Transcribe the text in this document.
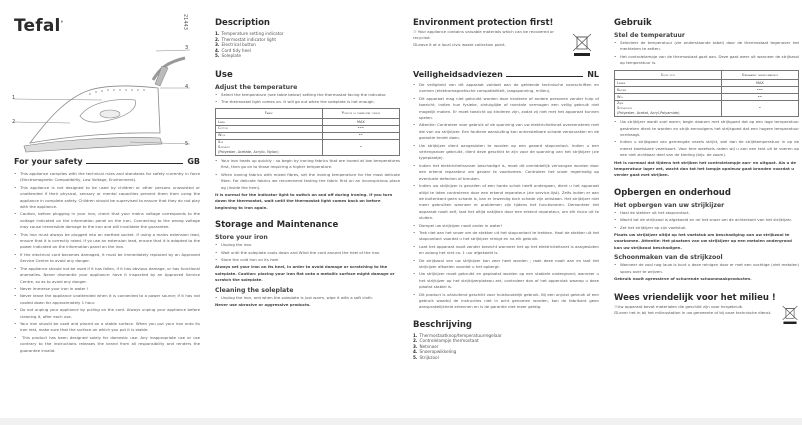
Tefal°	21443
1
2
3
4
5
For your safety	GB
• This appliance complies with the technical rules and standards for safety currently in force (Electromagnetic Compatibility, Low Voltage, Environment).
• This appliance is not designed to be used by children or other persons unassisted or unattended if their physical, sensory or mental capacities prevent them from using the appliance in complete safety. Children should be supervised to ensure that they do not play with the appliance.
• Caution, before plugging in your iron, check that your mains voltage corresponds to the voltage indicated on the information panel on the iron. Connecting to the wrong voltage may cause irreversible damage to the iron and will invalidate the guarantee.
• This iron must always be plugged into an earthed socket. If using a mains extension lead, ensure that it is correctly rated. If yo use an extension lead, ensure that it is adapted to the power indicated on the information panel on the iron.
• If the electrical cord becomes damaged, it must be immediately replaced by an Approved Service Centre to avoid any danger.
• The appliance should not be used if it has fallen, if it has obvious damage, or has functional anomalies. Never dismantle your appliance: have it inspected by an Approved Service Centre, so as to avoid any danger.
• Never immerse your iron in water !
• Never leave the appliance unattended when it is connected to a power source; if it has not cooled down for approximately 1 hour.
• Do not unplug your appliance by pulling on the cord. Always unplug your appliance before cleaning it, after each use.
• Your iron should be used and placed on a stable surface. When you put your iron onto its iron rest, make sure that the surface on which you put it is stable.
• This product has been designed solely for domestic use. Any inappropriate use or use contrary to the instructions releases the brand from all responsibility and renders the guarantee invalid.
Description
1. Temperature setting indicator
2. Thermostat indicator light
3. Electrical button
4. Cord tidy heel
5. Soleplate
Use
Adjust the temperature
• Select the temperature (see table below) setting the thermostat facing the indicator.
• The thermostat light comes on. It will go out when the soleplate is hot enough.
Fabric	Position of thermostat cursor
Linen	MAX
Cotton	•••
Wool	••

Silk
Synthetic
(Polyester, Acetate, Acrylic, Nylon)	•
• Your iron heats up quickly : so begin by ironing fabrics that are ironed at low temperatures first, then go on to those requiring a higher temperature.
• When ironing fabrics with mixed fibres, set the ironing temperature for the most delicate fibre. For delicate fabrics we recommend testing the fabric first on an inconspicious place eg (inside the hem).
It is normal for the indicator light to switch on and off during ironing. If you turn down the thermostat, wait until the thermostat light comes back on before beginning to iron again.
Storage and Maintenance
Store your iron
• Unplug the iron.
• Wait until the soleplate cools down and Wind the cord around the heel of the iron.
• Store the cold iron on its heel
Always set your iron on its heel, in order to avoid damage or scratching to the soleplate. Caution: placing your iron flat onto a metallic surface might damage or scratch the soleplate.
Cleaning the soleplate
• Unplug the iron, and when the soleplate is just warm, wipe it with a soft cloth.
Never use abrasive or aggressive products.
Environment protection first!
♲ Your appliance contains valuable materials which can be recovered or recycled.
⊡Leave it at a local civic waste collection point.
Veiligheidsadviezen	NL
• De veiligheid van dit apparaat voldoet aan de geldende technische voorschriften en normen (elektromagnetische compatibiliteit, laagspanning, milieu).
• Dit apparaat mag niet gebruikt worden door kinderen of andere personen zonder hulp of toezicht, indien hun fysieke, zintuiglijke of mentale vermogen een veilig gebruik niet mogelijk maken. Er moet toezicht op kinderen zijn, zodat zij niet met het apparaat kunnen spelen.
• Attentie: Controleer voor gebruik of de spanning van uw elektriciteitsnet overeenstemt met die van uw strijkijzer. Een foutieve aansluiting kan onherstelbare schade veroorzaken en de garantie teniet doen.
• Uw strijkijzer dient aangesloten te worden op een geaard stopcontact. Indien u een verlengsnoer gebruikt, dient deze geschikt te zijn voor de spanning van het strijkijzer (zie typeplaatje).
• Indien het elektriciteitssnoer beschadigd is, moet dit onmiddellijk vervangen worden door een erkend reparateur om gevaar te voorkomen. Controleer het snoer regelmatig op eventuele defecten of breuken.
• Indien uw strijkijzer is gevallen of een harde schok heeft ondergaan, dient u het apparaat altijd te laten controleren door een erkend reparateur (zie service-lijst). Zelfs indien er aan de buitenkant geen schade is, kan er inwendig toch schade zijn ontstaan. Het strijkijzer niet meer gebruiken wanneer er problemen zijn tijdens het functioneren. Demonteer het apparaat nooit zelf, laat het altijd nakijken door een erkend reparateur, om elk risico uit te sluiten.
• Dompel uw strijkijzer nooit onder in water!
• Trek niet aan het snoer om de stekker uit het stopcontact te trekken. Haal de stekker uit het stopcontact voordat u het strijkijzer reinigt en na elk gebruik.
• Laat het apparaat nooit zonder toezicht wanneer het op het elektriciteitsnet is aangesloten en zolang het niet ca. 1 uur afgekoeld is.
• De strijkzool van uw strijkijzer kan zeer heet worden ; raak deze nooit aan en laat het strijkijzer afkoelen voordat u het opbergt.
• Uw strijkijzer moet gebruikt en geplaatst worden op een stabiele ondergrond; wanneer u het strijkijzer op het strijkijzerplateau zet, controleer dan of het oppervlak waarop u deze plaatst stabiel is.
• Dit product is uitsluitend geschikt voor huishoudelijk gebruik. Bij een onjuist gebruik of een gebruik waarbij de instructies niet in acht genomen worden, kan de fabrikant geen aansprakelijkheid erkennen en is de garantie niet meer geldig.
Beschrijving
1. Thermostaatknop/temperatuurregelaar
2. Controlelampje thermostaat
3. Netsnoer
4. Snoeropwikkeling
5. Strijkzool
Gebruik
Stel de temperatuur
• Selecteer de temperatuur (zie onderstaande tabel) door de thermostaat tegenover het merkteken te zetten.
• Het controlelampje van de thermostaat gaat aan. Deze gaat weer uit wanneer de strijkzool op temperatuur is.
Soort stof	Standaarde thermostaatknop
Linnen	MAX
Katoen	•••
Wol	••

Zijde
Synthetisch
(Polyester, Acetat, Acryl,Polyamide)	•
• Uw strijkijzer wordt snel warm; begin daarom met strijkgoed dat op een lage temperatuur gestreken dient te worden en strijk eenvolgens het strijkgoed dat een hogere temperatuur verdraagt.
• Indien u strijkgoed van gemengde vezels strijkt, stel dan de strijktemperatuur in op de meest kwetsbare vezelsoort. Voor tere weefsels raden wij u aan een test uit te voeren op een niet zichtbaar deel van de kleding (bijv. de zoom).
Het is normaal dat tijdens het strijken het controlelampje aan- en uitgaat. Als u de temperatuur lager zet, wacht dan tot het lampje opnieuw gaat branden voordat u verder gaat met strijken.
Opbergen en onderhoud
Het opbergen van uw strijkijzer
• Haal de stekker uit het stopcontact.
• Wacht tot de strijkzool is afgekoeld en rol het snoer om de achterkant van het strijkijzer.
• Zet het strijkijzer op zijn voetstuk.
Plaats uw strijkijzer altijd op het voetstuk om beschadiging aan uw strijkzool te voorkomen. Attentie: Het plaatsen van uw strijkijzer op een metalen ondergrond kan uw strijkzool beschadigen.
Schoonmaken van de strijkzool
• Wanneer de zool nog lauw is kunt u deze reinigen door er met een vochtige (niet metalen) spons over te wrijven.
Gebruik nooit agressieve of schurende schoonmaakproducten.
Wees vriendelijk voor het milieu !
♲Uw apparaat bevat materialen die geschikt zijn voor hergebruik.
⊡Lever het in bij het milieustation in uw gemeente of bij onze technische dienst.
